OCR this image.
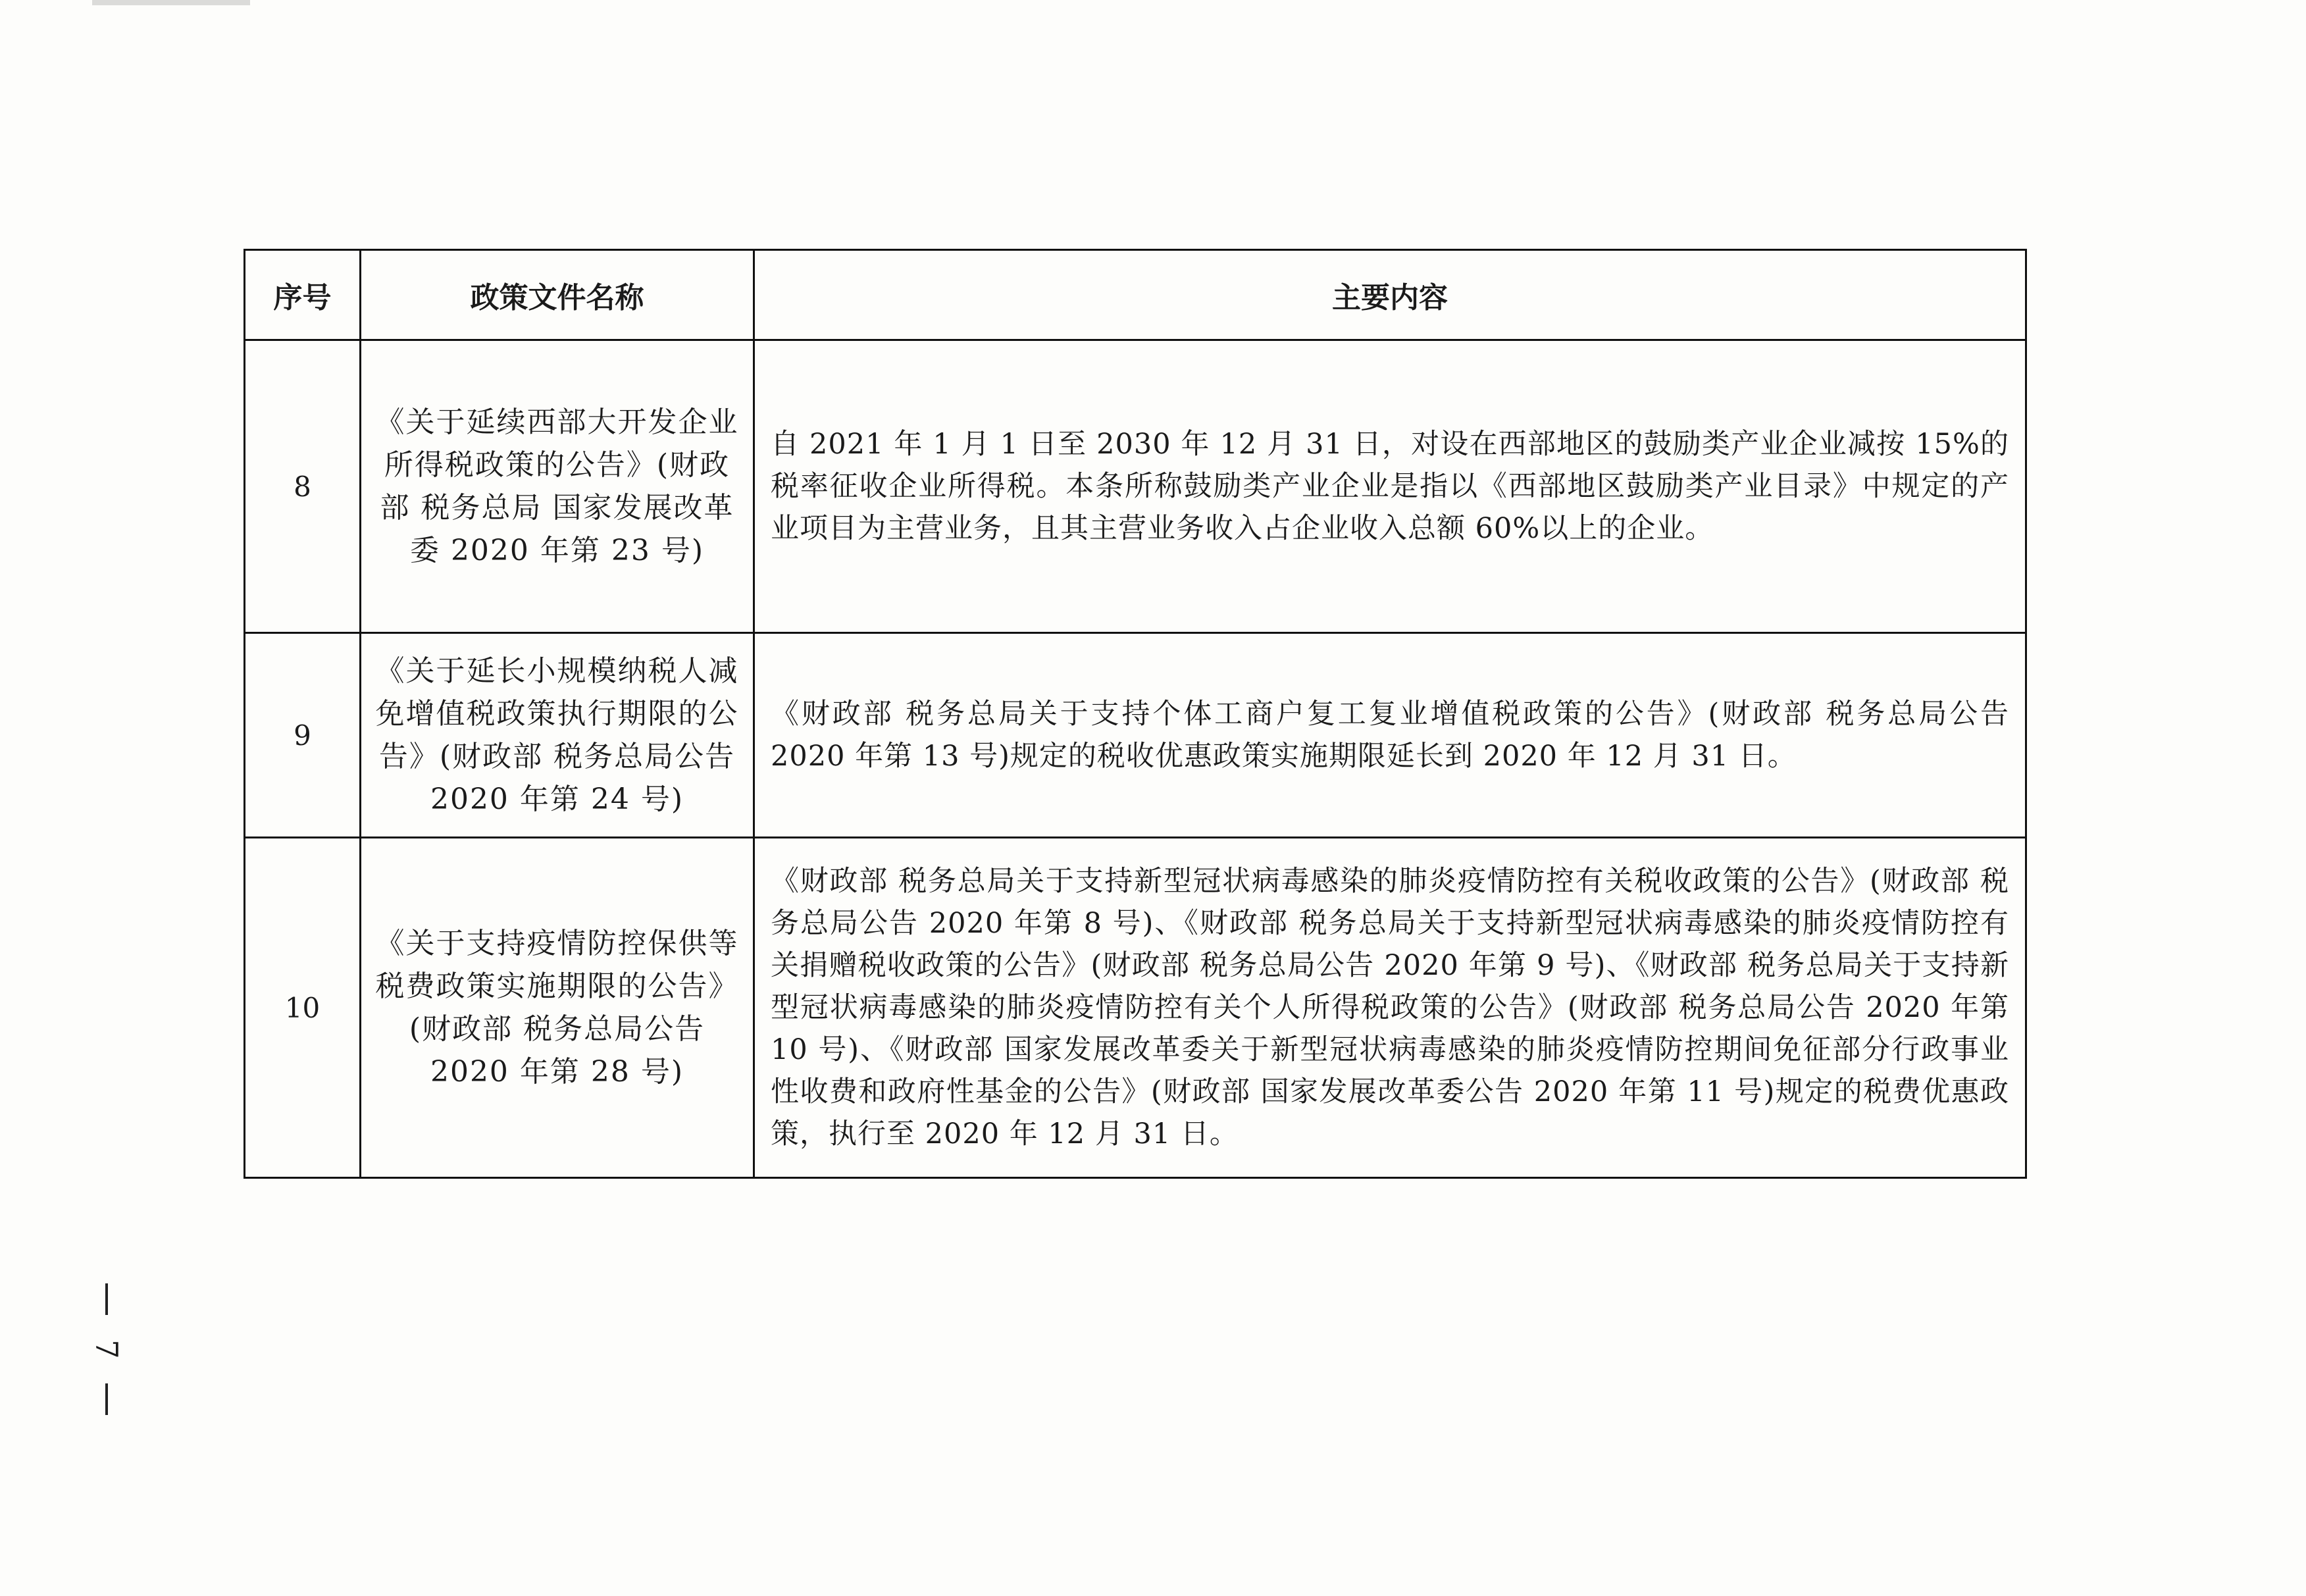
序号	政策文件名称	主要内容
8	《关于延续西部大开发企业所得税政策的公告》(财政部 税务总局 国家发展改革委 2020 年第 23 号)	自 2021 年 1 月 1 日至 2030 年 12 月 31 日，对设在西部地区的鼓励类产业企业减按 15%的税率征收企业所得税。本条所称鼓励类产业企业是指以《西部地区鼓励类产业目录》中规定的产业项目为主营业务，且其主营业务收入占企业收入总额 60%以上的企业。
9	《关于延长小规模纳税人减免增值税政策执行期限的公告》(财政部 税务总局公告 2020 年第 24 号)	《财政部 税务总局关于支持个体工商户复工复业增值税政策的公告》(财政部 税务总局公告 2020 年第 13 号)规定的税收优惠政策实施期限延长到 2020 年 12 月 31 日。
10	《关于支持疫情防控保供等税费政策实施期限的公告》(财政部 税务总局公告 2020 年第 28 号)	《财政部 税务总局关于支持新型冠状病毒感染的肺炎疫情防控有关税收政策的公告》(财政部 税务总局公告 2020 年第 8 号)、《财政部 税务总局关于支持新型冠状病毒感染的肺炎疫情防控有关捐赠税收政策的公告》(财政部 税务总局公告 2020 年第 9 号)、《财政部 税务总局关于支持新型冠状病毒感染的肺炎疫情防控有关个人所得税政策的公告》(财政部 税务总局公告 2020 年第 10 号)、《财政部 国家发展改革委关于新型冠状病毒感染的肺炎疫情防控期间免征部分行政事业性收费和政府性基金的公告》(财政部 国家发展改革委公告 2020 年第 11 号)规定的税费优惠政策，执行至 2020 年 12 月 31 日。
7
